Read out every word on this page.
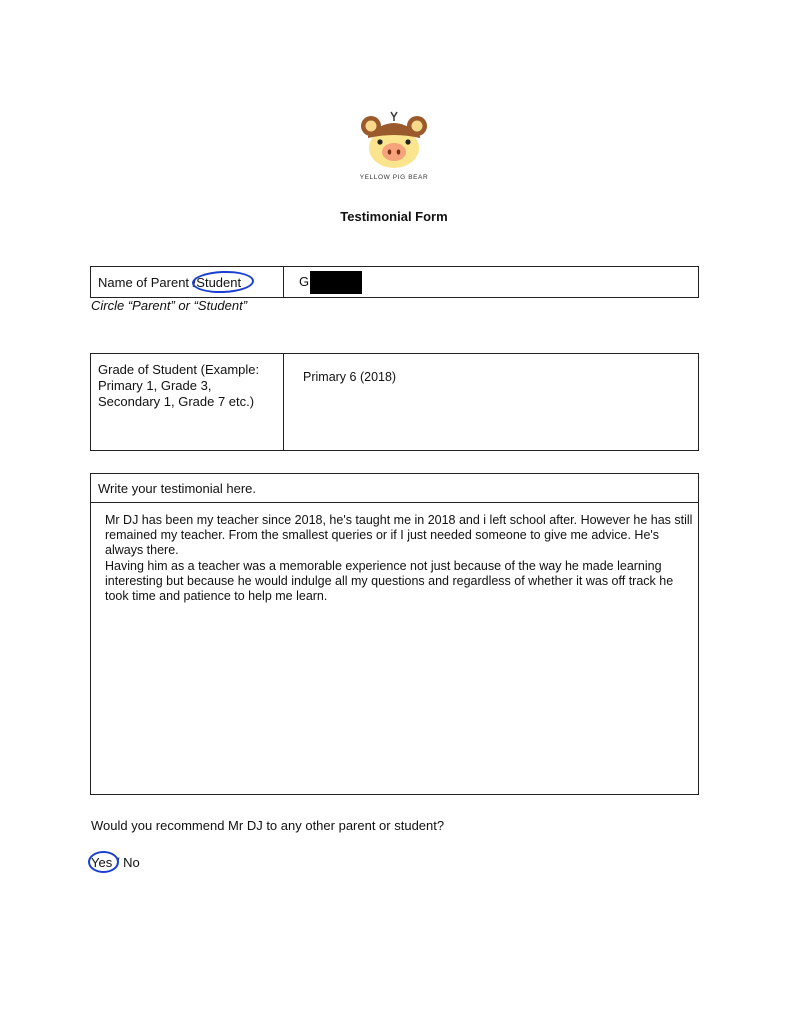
YELLOW PIG BEAR
Testimonial Form
Name of Parent /Student	G
Circle “Parent” or “Student”
Grade of Student (Example: Primary 1, Grade 3, Secondary 1, Grade 7 etc.)	Primary 6 (2018)
Write your testimonial here.

Mr DJ has been my teacher since 2018, he's taught me in 2018 and i left school after. However he has still remained my teacher. From the smallest queries or if I just needed someone to give me advice. He's always there.

Having him as a teacher was a memorable experience not just because of the way he made learning interesting but because he would indulge all my questions and regardless of whether it was off track he took time and patience to help me learn.

Would you recommend Mr DJ to any other parent or student?
Yes / No
